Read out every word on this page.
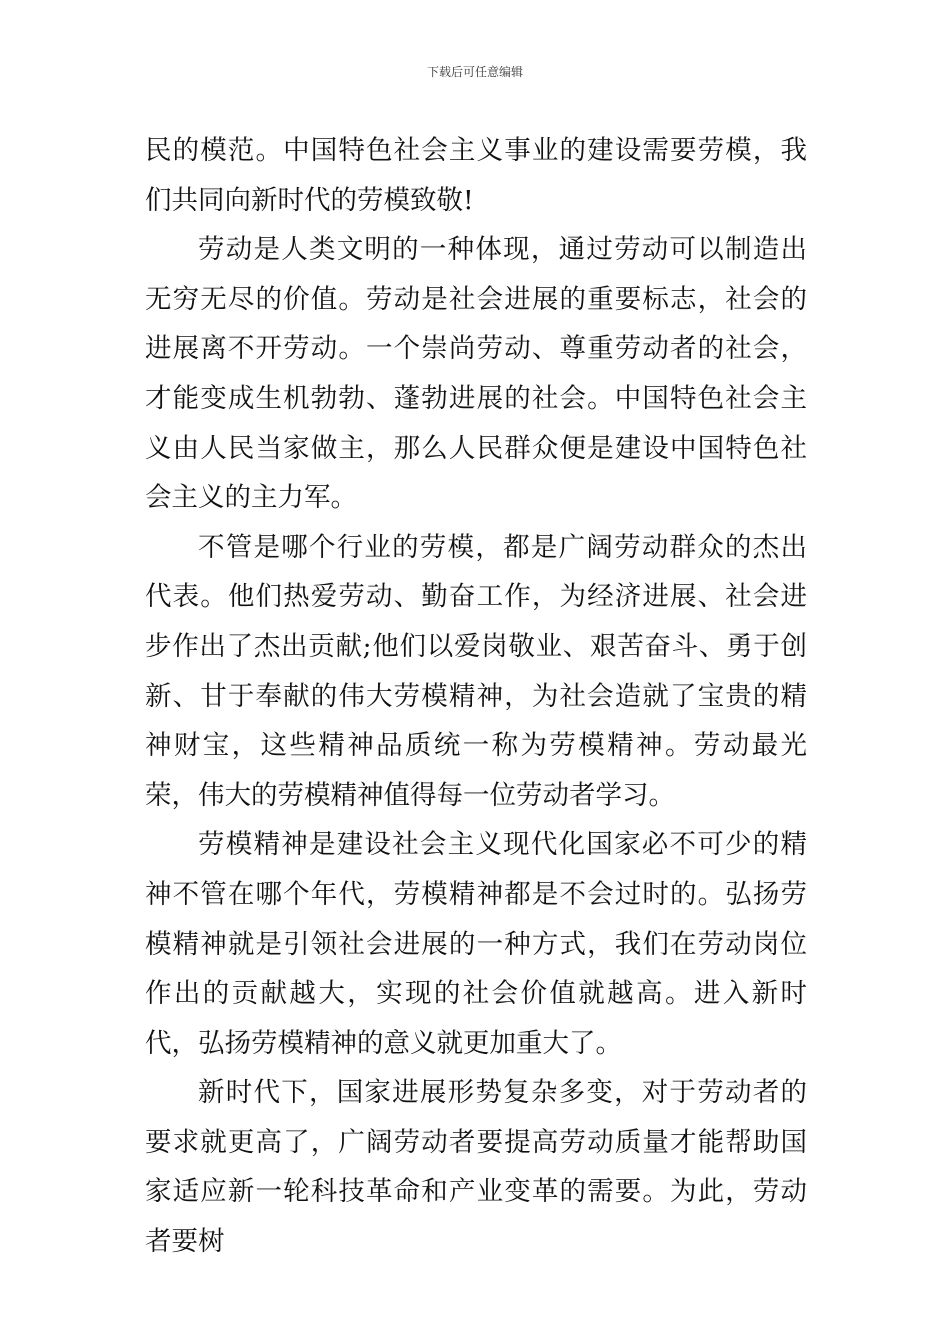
下载后可任意编辑

民的模范。中国特色社会主义事业的建设需要劳模，我们共同向新时代的劳模致敬!

劳动是人类文明的一种体现，通过劳动可以制造出无穷无尽的价值。劳动是社会进展的重要标志，社会的进展离不开劳动。一个崇尚劳动、尊重劳动者的社会，才能变成生机勃勃、蓬勃进展的社会。中国特色社会主义由人民当家做主，那么人民群众便是建设中国特色社会主义的主力军。

不管是哪个行业的劳模，都是广阔劳动群众的杰出代表。他们热爱劳动、勤奋工作，为经济进展、社会进步作出了杰出贡献;他们以爱岗敬业、艰苦奋斗、勇于创新、甘于奉献的伟大劳模精神，为社会造就了宝贵的精神财宝，这些精神品质统一称为劳模精神。劳动最光荣，伟大的劳模精神值得每一位劳动者学习。

劳模精神是建设社会主义现代化国家必不可少的精神不管在哪个年代，劳模精神都是不会过时的。弘扬劳模精神就是引领社会进展的一种方式，我们在劳动岗位作出的贡献越大，实现的社会价值就越高。进入新时代，弘扬劳模精神的意义就更加重大了。

新时代下，国家进展形势复杂多变，对于劳动者的要求就更高了，广阔劳动者要提高劳动质量才能帮助国家适应新一轮科技革命和产业变革的需要。为此，劳动者要树
